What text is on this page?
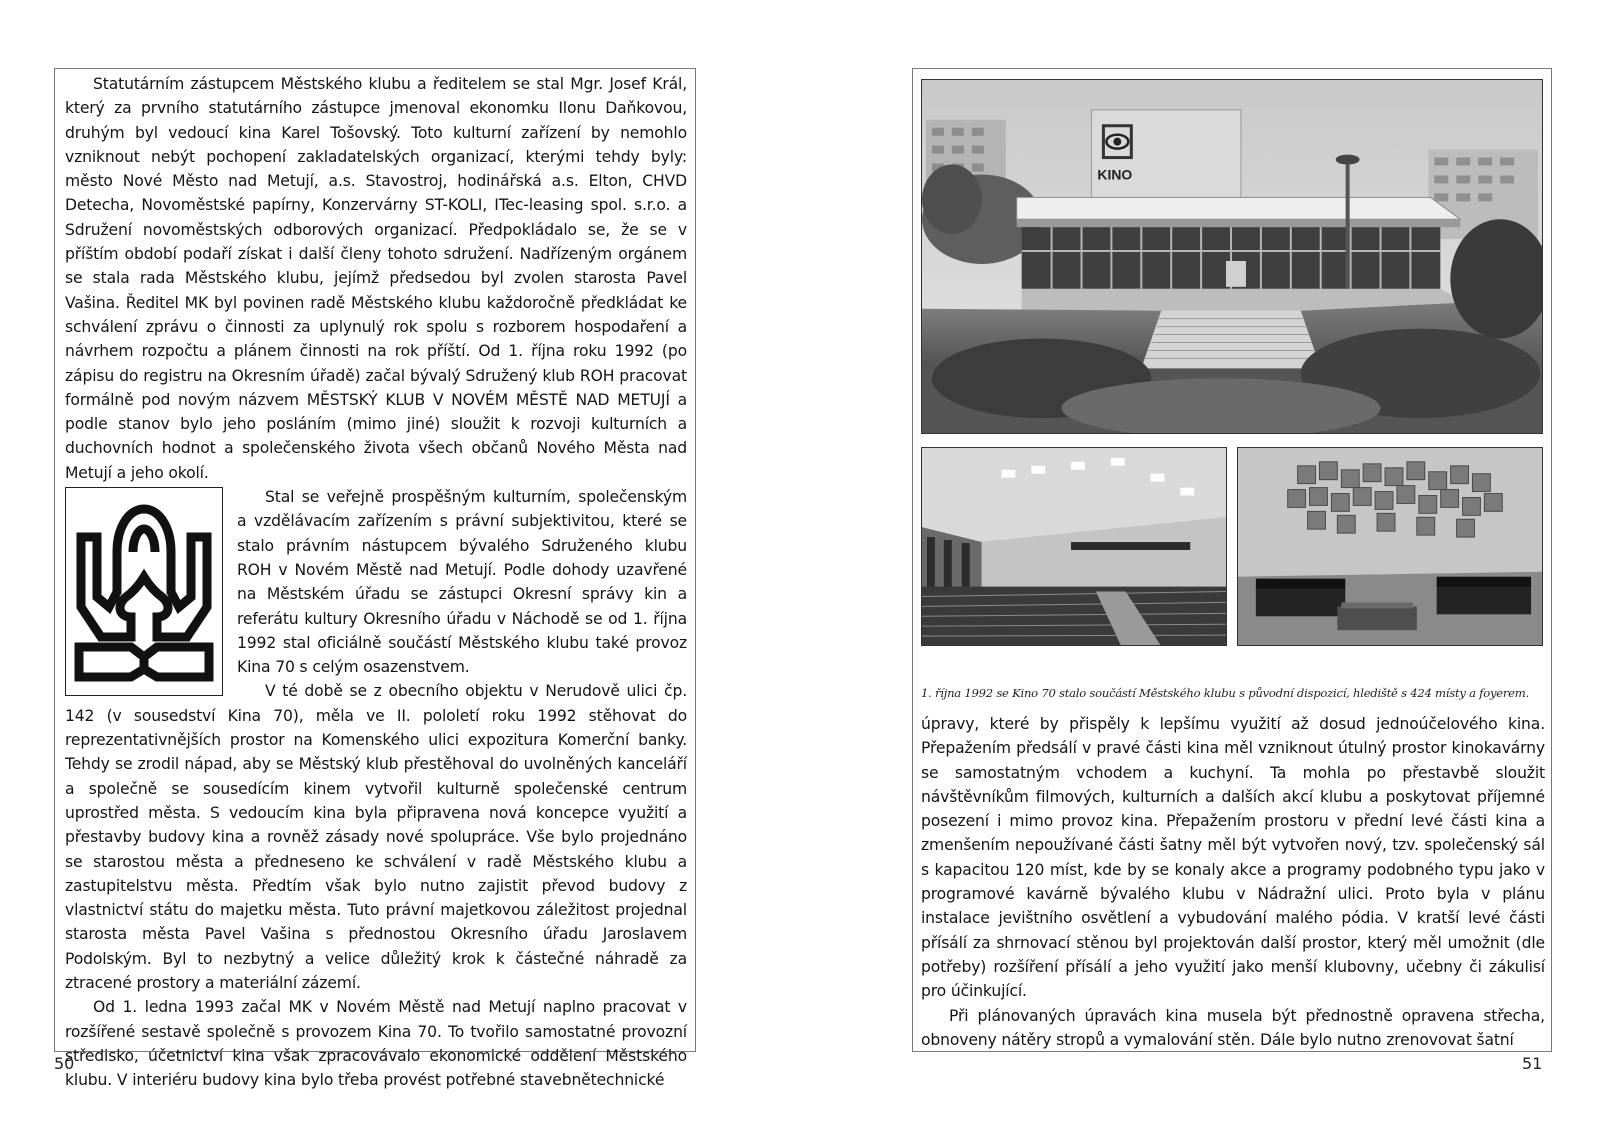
Statutárním zástupcem Městského klubu a ředitelem se stal Mgr. Josef Král, který za prvního statutárního zástupce jmenoval ekonomku Ilonu Daňkovou, druhým byl vedoucí kina Karel Tošovský. Toto kulturní zařízení by nemohlo vzniknout nebýt pochopení zakladatelských organizací, kterými tehdy byly: město Nové Město nad Metují, a.s. Stavostroj, hodinářská a.s. Elton, CHVD Detecha, Novoměstské papírny, Konzervárny ST-KOLI, ITec-leasing spol. s.r.o. a Sdružení novoměstských odborových organizací. Předpokládalo se, že se v příštím období podaří získat i další členy tohoto sdružení. Nadřízeným orgánem se stala rada Městského klubu, jejímž předsedou byl zvolen starosta Pavel Vašina. Ředitel MK byl povinen radě Městského klubu každoročně předkládat ke schválení zprávu o činnosti za uplynulý rok spolu s rozborem hospodaření a návrhem rozpočtu a plánem činnosti na rok příští. Od 1. října roku 1992 (po zápisu do registru na Okresním úřadě) začal bývalý Sdružený klub ROH pracovat formálně pod novým názvem MĚSTSKÝ KLUB V NOVÉM MĚSTĚ NAD METUJÍ a podle stanov bylo jeho posláním (mimo jiné) sloužit k rozvoji kulturních a duchovních hodnot a společenského života všech občanů Nového Města nad Metují a jeho okolí.

Stal se veřejně prospěšným kulturním, společenským a vzdělávacím zařízením s právní subjektivitou, které se stalo právním nástupcem bývalého Sdruženého klubu ROH v Novém Městě nad Metují. Podle dohody uzavřené na Městském úřadu se zástupci Okresní správy kin a referátu kultury Okresního úřadu v Náchodě se od 1. října 1992 stal oficiálně součástí Městského klubu také provoz Kina 70 s celým osazenstvem.

V té době se z obecního objektu v Nerudově ulici čp. 142 (v sousedství Kina 70), měla ve II. pololetí roku 1992 stěhovat do reprezentativnějších prostor na Komenského ulici expozitura Komerční banky. Tehdy se zrodil nápad, aby se Městský klub přestěhoval do uvolněných kanceláří a společně se sousedícím kinem vytvořil kulturně společenské centrum uprostřed města. S vedoucím kina byla připravena nová koncepce využití a přestavby budovy kina a rovněž zásady nové spolupráce. Vše bylo projednáno se starostou města a předneseno ke schválení v radě Městského klubu a zastupitelstvu města. Předtím však bylo nutno zajistit převod budovy z vlastnictví státu do majetku města. Tuto právní majetkovou záležitost projednal starosta města Pavel Vašina s přednostou Okresního úřadu Jaroslavem Podolským. Byl to nezbytný a velice důležitý krok k částečné náhradě za ztracené prostory a materiální zázemí.

Od 1. ledna 1993 začal MK v Novém Městě nad Metují naplno pracovat v rozšířené sestavě společně s provozem Kina 70. To tvořilo samostatné provozní středisko, účetnictví kina však zpracovávalo ekonomické oddělení Městského klubu. V interiéru budovy kina bylo třeba provést potřebné stavebnětechnické

50
KINO
1. října 1992 se Kino 70 stalo součástí Městského klubu s původní dispozicí, hlediště s 424 místy a foyerem.

úpravy, které by přispěly k lepšímu využití až dosud jednoúčelového kina. Přepažením předsálí v pravé části kina měl vzniknout útulný prostor kinokavárny se samostatným vchodem a kuchyní. Ta mohla po přestavbě sloužit návštěvníkům filmových, kulturních a dalších akcí klubu a poskytovat příjemné posezení i mimo provoz kina. Přepažením prostoru v přední levé části kina a zmenšením nepoužívané části šatny měl být vytvořen nový, tzv. společenský sál s kapacitou 120 míst, kde by se konaly akce a programy podobného typu jako v programové kavárně bývalého klubu v Nádražní ulici. Proto byla v plánu instalace jevištního osvětlení a vybudování malého pódia. V kratší levé části přísálí za shrnovací stěnou byl projektován další prostor, který měl umožnit (dle potřeby) rozšíření přísálí a jeho využití jako menší klubovny, učebny či zákulisí pro účinkující.

Při plánovaných úpravách kina musela být přednostně opravena střecha, obnoveny nátěry stropů a vymalování stěn. Dále bylo nutno zrenovovat šatní

51
